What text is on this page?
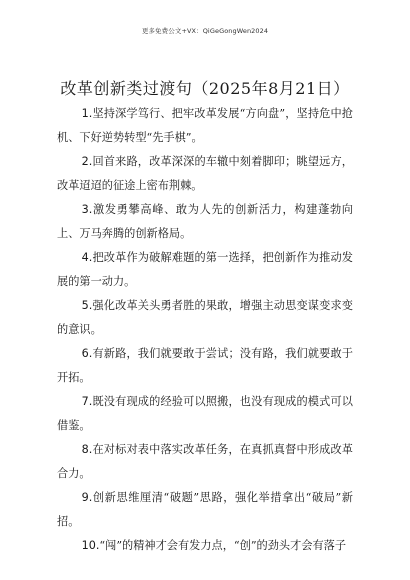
更多免费公文+VX：QiGeGongWen2024
改革创新类过渡句（2025年8月21日）

1.坚持深学笃行、把牢改革发展“方向盘”，坚持危中抢机、下好逆势转型“先手棋”。

2.回首来路，改革深深的车辙中刻着脚印；眺望远方，改革迢迢的征途上密布荆棘。

3.激发勇攀高峰、敢为人先的创新活力，构建蓬勃向上、万马奔腾的创新格局。

4.把改革作为破解难题的第一选择，把创新作为推动发展的第一动力。

5.强化改革关头勇者胜的果敢，增强主动思变谋变求变的意识。

6.有新路，我们就要敢于尝试；没有路，我们就要敢于开拓。

7.既没有现成的经验可以照搬，也没有现成的模式可以借鉴。

8.在对标对表中落实改革任务，在真抓真督中形成改革合力。

9.创新思维厘清“破题”思路，强化举措拿出“破局”新招。

10.“闯”的精神才会有发力点，“创”的劲头才会有落子
